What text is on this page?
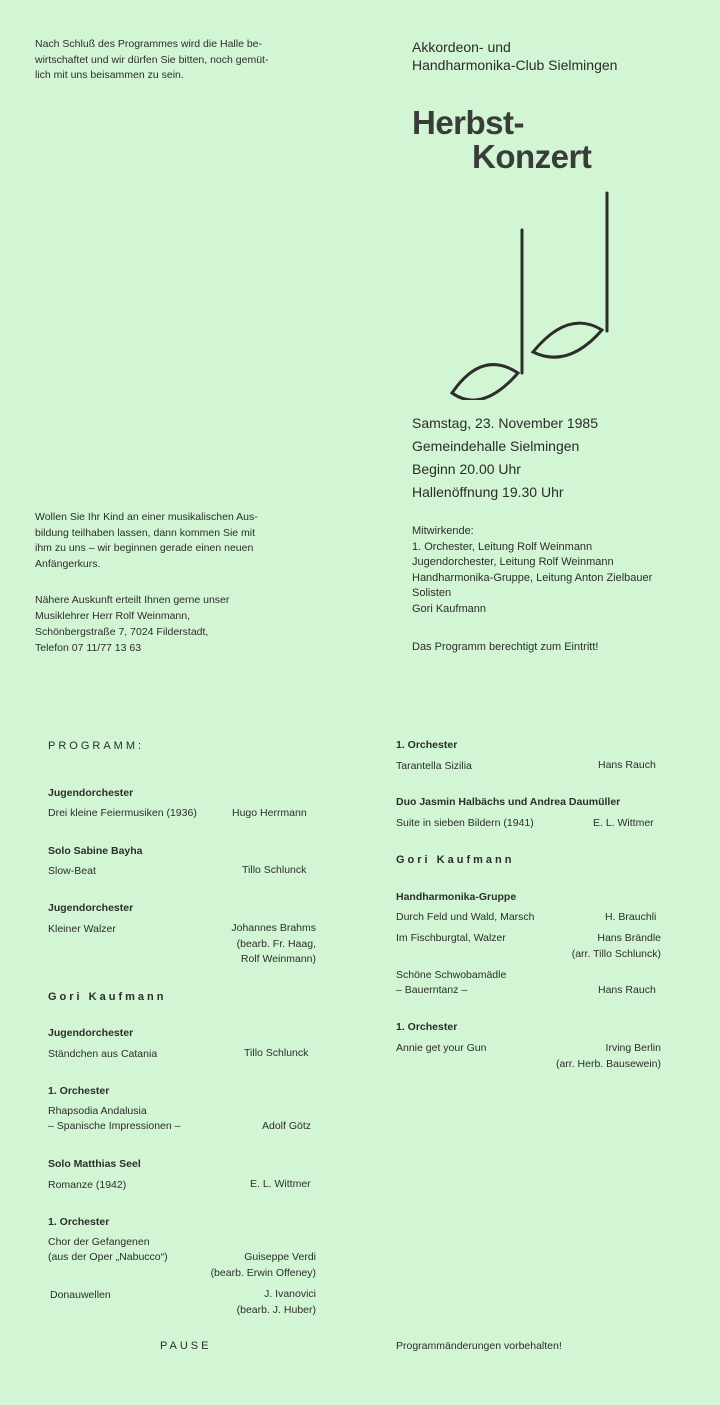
Nach Schluß des Programmes wird die Halle be-
wirtschaftet und wir dürfen Sie bitten, noch gemüt-
lich mit uns beisammen zu sein.
Wollen Sie Ihr Kind an einer musikalischen Aus-
bildung teilhaben lassen, dann kommen Sie mit
ihm zu uns – wir beginnen gerade einen neuen
Anfängerkurs.
Nähere Auskunft erteilt Ihnen gerne unser
Musiklehrer Herr Rolf Weinmann,
Schönbergstraße 7, 7024 Filderstadt,
Telefon 07 11/77 13 63
Akkordeon- und
Handharmonika-Club Sielmingen
Herbst-
Konzert
Samstag, 23. November 1985
Gemeindehalle Sielmingen
Beginn 20.00 Uhr
Hallenöffnung 19.30 Uhr
Mitwirkende:
1. Orchester, Leitung Rolf Weinmann
Jugendorchester, Leitung Rolf Weinmann
Handharmonika-Gruppe, Leitung Anton Zielbauer
Solisten
Gori Kaufmann
Das Programm berechtigt zum Eintritt!
PROGRAMM:
Jugendorchester
Drei kleine Feiermusiken (1936)	Hugo Herrmann
Solo Sabine Bayha
Slow-Beat	Tillo Schlunck
Jugendorchester
Kleiner Walzer	Johannes Brahms
(bearb. Fr. Haag,
Rolf Weinmann)
Gori Kaufmann
Jugendorchester
Ständchen aus Catania	Tillo Schlunck
1. Orchester
Rhapsodia Andalusia
– Spanische Impressionen –	Adolf Götz
Solo Matthias Seel
Romanze (1942)	E. L. Wittmer
1. Orchester
Chor der Gefangenen
(aus der Oper „Nabucco“)	Guiseppe Verdi
(bearb. Erwin Offeney)
Donauwellen	J. Ivanovici
(bearb. J. Huber)
PAUSE
1. Orchester
Tarantella Sizilia	Hans Rauch
Duo Jasmin Halbächs und Andrea Daumüller
Suite in sieben Bildern (1941)	E. L. Wittmer
Gori Kaufmann
Handharmonika-Gruppe
Durch Feld und Wald, Marsch	H. Brauchli
Im Fischburgtal, Walzer	Hans Brändle
(arr. Tillo Schlunck)
Schöne Schwobamädle
– Bauerntanz –	Hans Rauch
1. Orchester
Annie get your Gun	Irving Berlin
(arr. Herb. Bausewein)
Programmänderungen vorbehalten!
